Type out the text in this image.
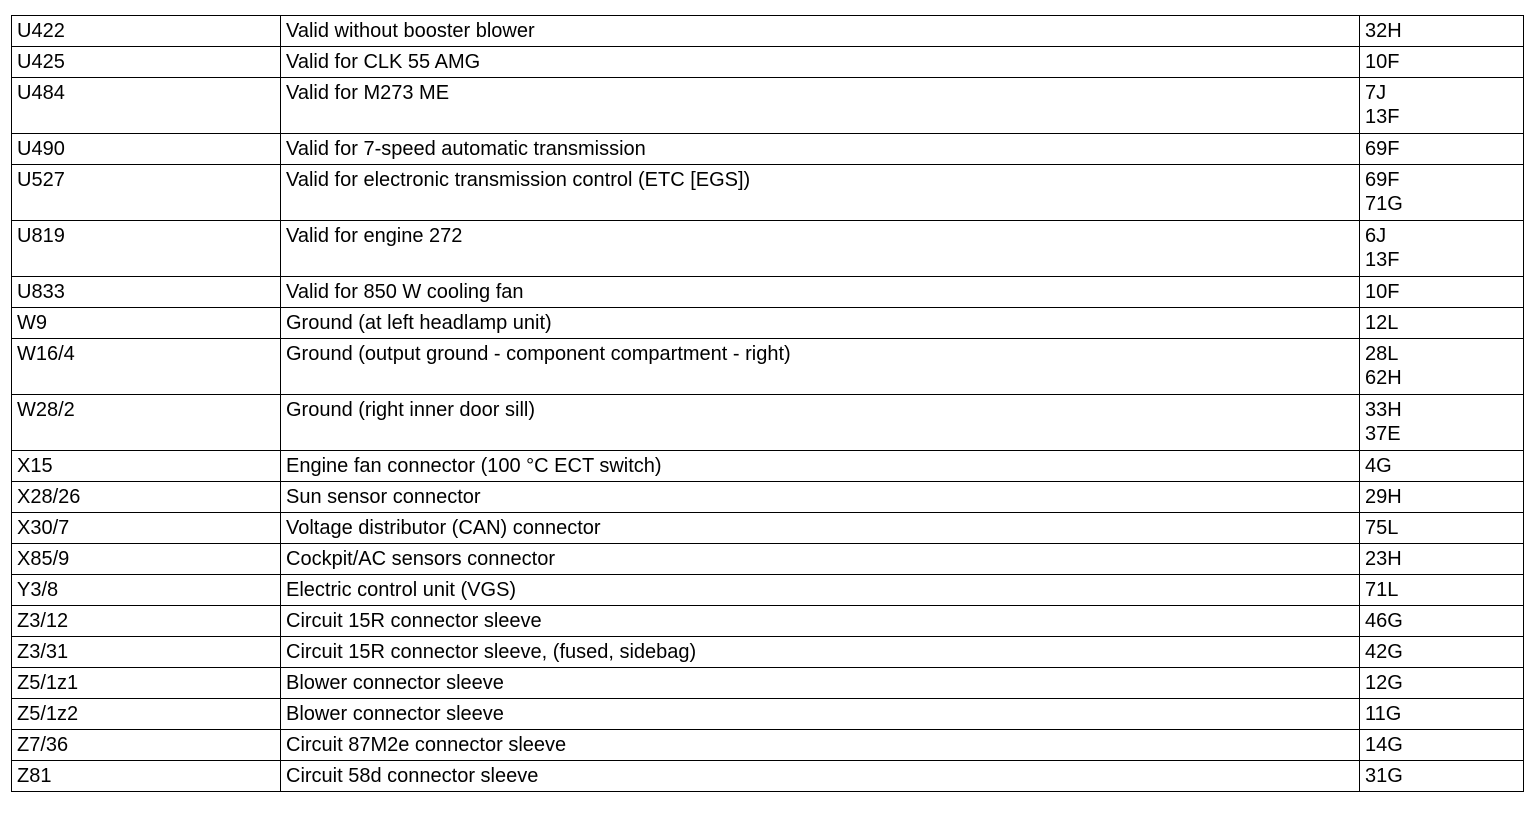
U422	Valid without booster blower	32H

U425	Valid for CLK 55 AMG	10F

U484	Valid for M273 ME	7J
13F

U490	Valid for 7-speed automatic transmission	69F

U527	Valid for electronic transmission control (ETC [EGS])	69F
71G

U819	Valid for engine 272	6J
13F

U833	Valid for 850 W cooling fan	10F

W9	Ground (at left headlamp unit)	12L

W16/4	Ground (output ground - component compartment - right)	28L
62H

W28/2	Ground (right inner door sill)	33H
37E

X15	Engine fan connector (100 °C ECT switch)	4G

X28/26	Sun sensor connector	29H

X30/7	Voltage distributor (CAN) connector	75L

X85/9	Cockpit/AC sensors connector	23H

Y3/8	Electric control unit (VGS)	71L

Z3/12	Circuit 15R connector sleeve	46G

Z3/31	Circuit 15R connector sleeve, (fused, sidebag)	42G

Z5/1z1	Blower connector sleeve	12G

Z5/1z2	Blower connector sleeve	11G

Z7/36	Circuit 87M2e connector sleeve	14G

Z81	Circuit 58d connector sleeve	31G
